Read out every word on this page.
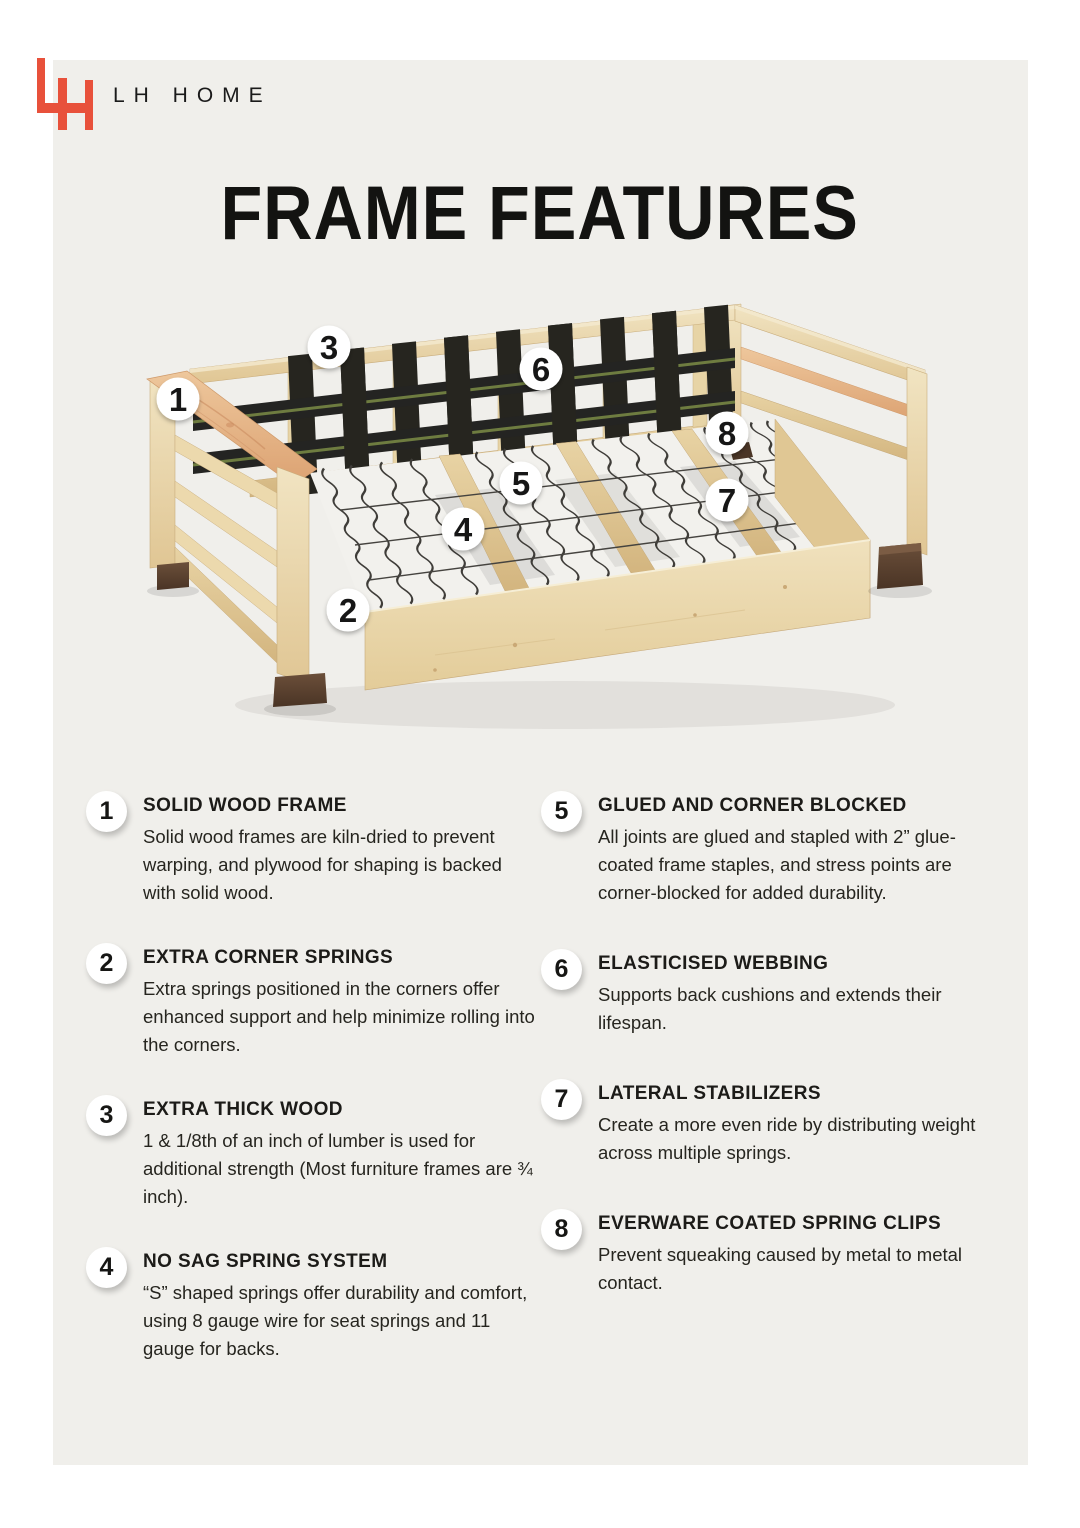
LH HOME
FRAME FEATURES
1
2
3
4
5
6
7
8
1	SOLID WOOD FRAME

Solid wood frames are kiln-dried to prevent warping, and plywood for shaping is backed with solid wood.

2	EXTRA CORNER SPRINGS

Extra springs positioned in the corners offer enhanced support and help minimize rolling into the corners.

3	EXTRA THICK WOOD

1 & 1/8th of an inch of lumber is used for additional strength (Most furniture frames are ¾ inch).

4	NO SAG SPRING SYSTEM

“S” shaped springs offer durability and comfort, using 8 gauge wire for seat springs and 11 gauge for backs.

5	GLUED AND CORNER BLOCKED

All joints are glued and stapled with 2” glue-coated frame staples, and stress points are corner-blocked for added durability.

6	ELASTICISED WEBBING

Supports back cushions and extends their lifespan.

7	LATERAL STABILIZERS

Create a more even ride by distributing weight across multiple springs.

8	EVERWARE COATED SPRING CLIPS

Prevent squeaking caused by metal to metal contact.
